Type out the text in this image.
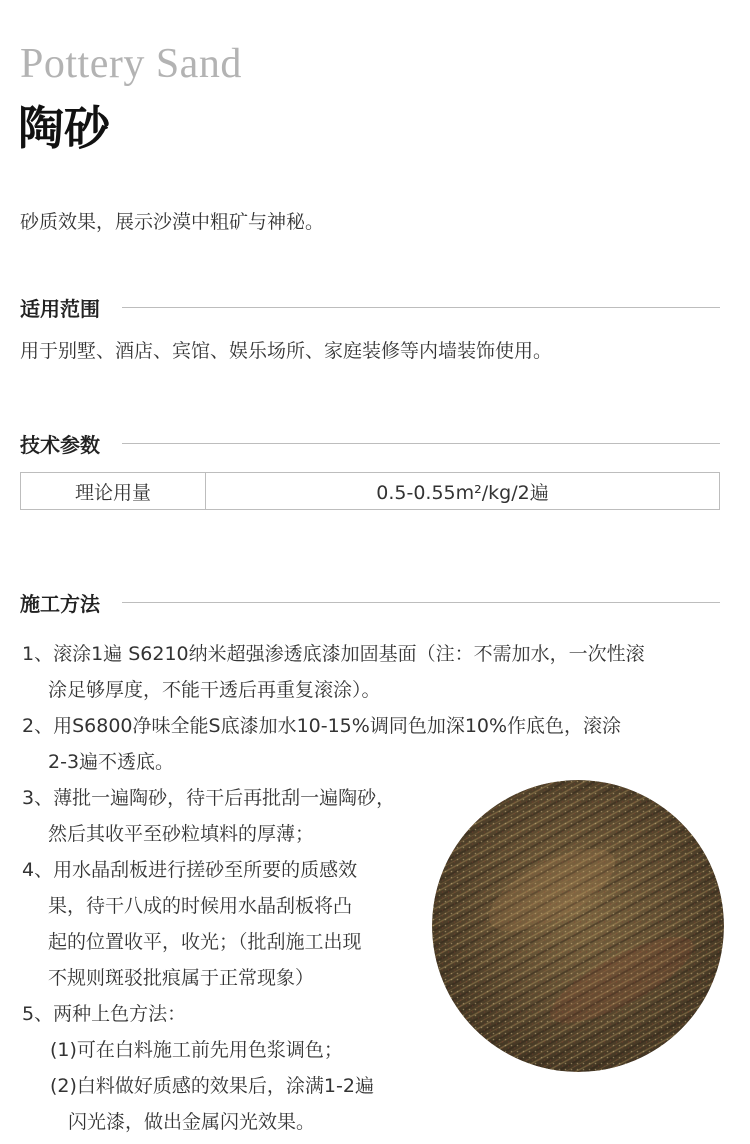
Pottery Sand
陶砂
砂质效果，展示沙漠中粗矿与神秘。
适用范围
用于别墅、酒店、宾馆、娱乐场所、家庭装修等内墙装饰使用。
技术参数
理论用量	0.5-0.55m²/kg/2遍
施工方法
1、滚涂1遍 S6210纳米超强渗透底漆加固基面（注：不需加水，一次性滚
涂足够厚度，不能干透后再重复滚涂）。
2、用S6800净味全能S底漆加水10-15%调同色加深10%作底色，滚涂
2-3遍不透底。
3、薄批一遍陶砂，待干后再批刮一遍陶砂，
然后其收平至砂粒填料的厚薄；
4、用水晶刮板进行搓砂至所要的质感效
果，待干八成的时候用水晶刮板将凸
起的位置收平，收光；（批刮施工出现
不规则斑驳批痕属于正常现象）
5、两种上色方法：
(1)可在白料施工前先用色浆调色；
(2)白料做好质感的效果后，涂满1-2遍
闪光漆，做出金属闪光效果。
